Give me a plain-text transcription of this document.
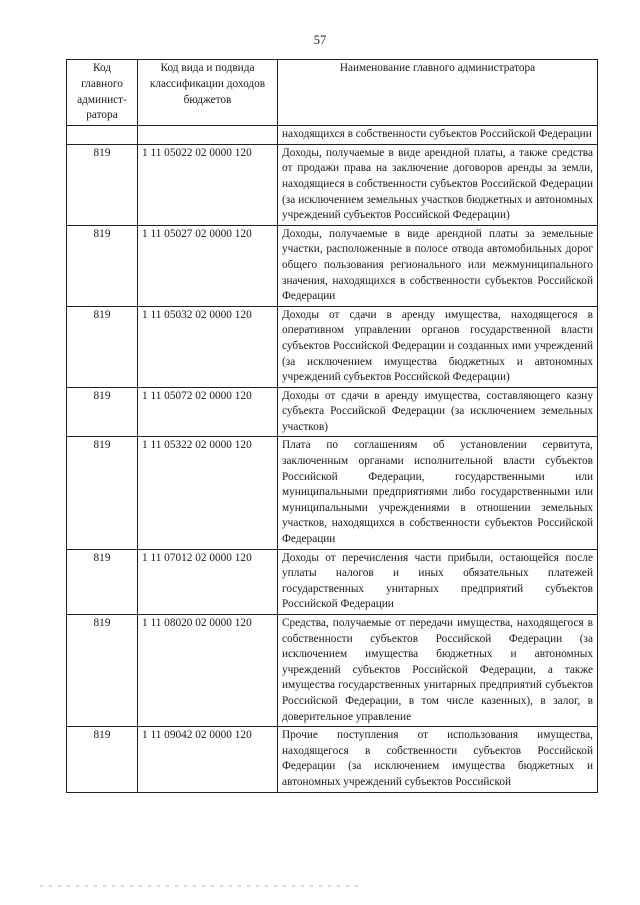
57
Код главного админист-ратора	Код вида и подвида классификации доходов бюджетов	Наименование главного администратора
		находящихся в собственности субъектов Российской Федерации
819	1 11 05022 02 0000 120	Доходы, получаемые в виде арендной платы, а также средства от продажи права на заключение договоров аренды за земли, находящиеся в собственности субъектов Российской Федерации (за исключением земельных участков бюджетных и автономных учреждений субъектов Российской Федерации)
819	1 11 05027 02 0000 120	Доходы, получаемые в виде арендной платы за земельные участки, расположенные в полосе отвода автомобильных дорог общего пользования регионального или межмуниципального значения, находящихся в собственности субъектов Российской Федерации
819	1 11 05032 02 0000 120	Доходы от сдачи в аренду имущества, находящегося в оперативном управлении органов государственной власти субъектов Российской Федерации и созданных ими учреждений (за исключением имущества бюджетных и автономных учреждений субъектов Российской Федерации)
819	1 11 05072 02 0000 120	Доходы от сдачи в аренду имущества, составляющего казну субъекта Российской Федерации (за исключением земельных участков)
819	1 11 05322 02 0000 120	Плата по соглашениям об установлении сервитута, заключенным органами исполнительной власти субъектов Российской Федерации, государственными или муниципальными предприятиями либо государственными или муниципальными учреждениями в отношении земельных участков, находящихся в собственности субъектов Российской Федерации
819	1 11 07012 02 0000 120	Доходы от перечисления части прибыли, остающейся после уплаты налогов и иных обязательных платежей государственных унитарных предприятий субъектов Российской Федерации
819	1 11 08020 02 0000 120	Средства, получаемые от передачи имущества, находящегося в собственности субъектов Российской Федерации (за исключением имущества бюджетных и автономных учреждений субъектов Российской Федерации, а также имущества государственных унитарных предприятий субъектов Российской Федерации, в том числе казенных), в залог, в доверительное управление
819	1 11 09042 02 0000 120	Прочие поступления от использования имущества, находящегося в собственности субъектов Российской Федерации (за исключением имущества бюджетных и автономных учреждений субъектов Российской
